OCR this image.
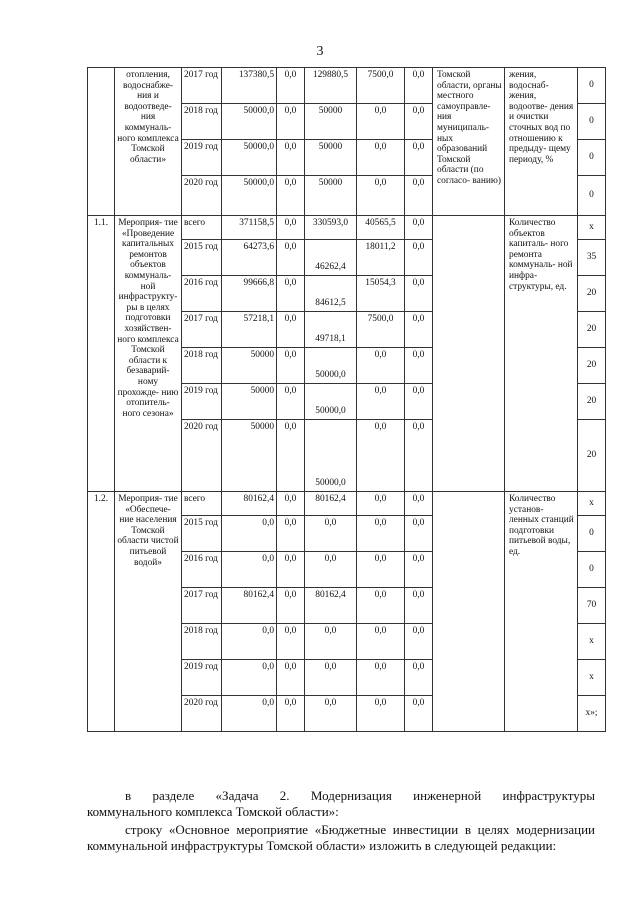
3
	отопления, водоснабже- ния и водоотведе- ния коммуналь- ного комплекса Томской области»	2017 год	137380,5	0,0	129880,5	7500,0	0,0	Томской области, органы местного самоуправле- ния муниципаль- ных образований Томской области (по согласо- ванию)	жения, водоснаб- жения, водоотве- дения и очистки сточных вод по отношению к предыду- щему периоду, %	0
		2018 год	50000,0	0,0	50000	0,0	0,0			0
		2019 год	50000,0	0,0	50000	0,0	0,0			0
		2020 год	50000,0	0,0	50000	0,0	0,0			0
1.1.	Мероприя- тие «Проведение капитальных ремонтов объектов коммуналь- ной инфраструкту- ры в целях подготовки хозяйствен- ного комплекса Томской области к безаварий- ному прохожде- нию отопитель- ного сезона»	всего	371158,5	0,0	330593,0	40565,5	0,0		Количество объектов капиталь- ного ремонта коммуналь- ной инфра- структуры, ед.	x
		2015 год	64273,6	0,0	46262,4	18011,2	0,0			35
		2016 год	99666,8	0,0	84612,5	15054,3	0,0			20
		2017 год	57218,1	0,0	49718,1	7500,0	0,0			20
		2018 год	50000	0,0	50000,0	0,0	0,0			20
		2019 год	50000	0,0	50000,0	0,0	0,0			20
		2020 год	50000	0,0	50000,0	0,0	0,0			20
1.2.	Мероприя- тие «Обеспече- ние населения Томской области чистой питьевой водой»	всего	80162,4	0,0	80162,4	0,0	0,0		Количество установ- ленных станций подготовки питьевой воды, ед.	x
		2015 год	0,0	0,0	0,0	0,0	0,0			0
		2016 год	0,0	0,0	0,0	0,0	0,0			0
		2017 год	80162,4	0,0	80162,4	0,0	0,0			70
		2018 год	0,0	0,0	0,0	0,0	0,0			x
		2019 год	0,0	0,0	0,0	0,0	0,0			x
		2020 год	0,0	0,0	0,0	0,0	0,0			x»;
в разделе «Задача 2. Модернизация инженерной инфраструктуры
коммунального комплекса Томской области»:
строку «Основное мероприятие «Бюджетные инвестиции в целях модернизации
коммунальной инфраструктуры Томской области» изложить в следующей редакции:
